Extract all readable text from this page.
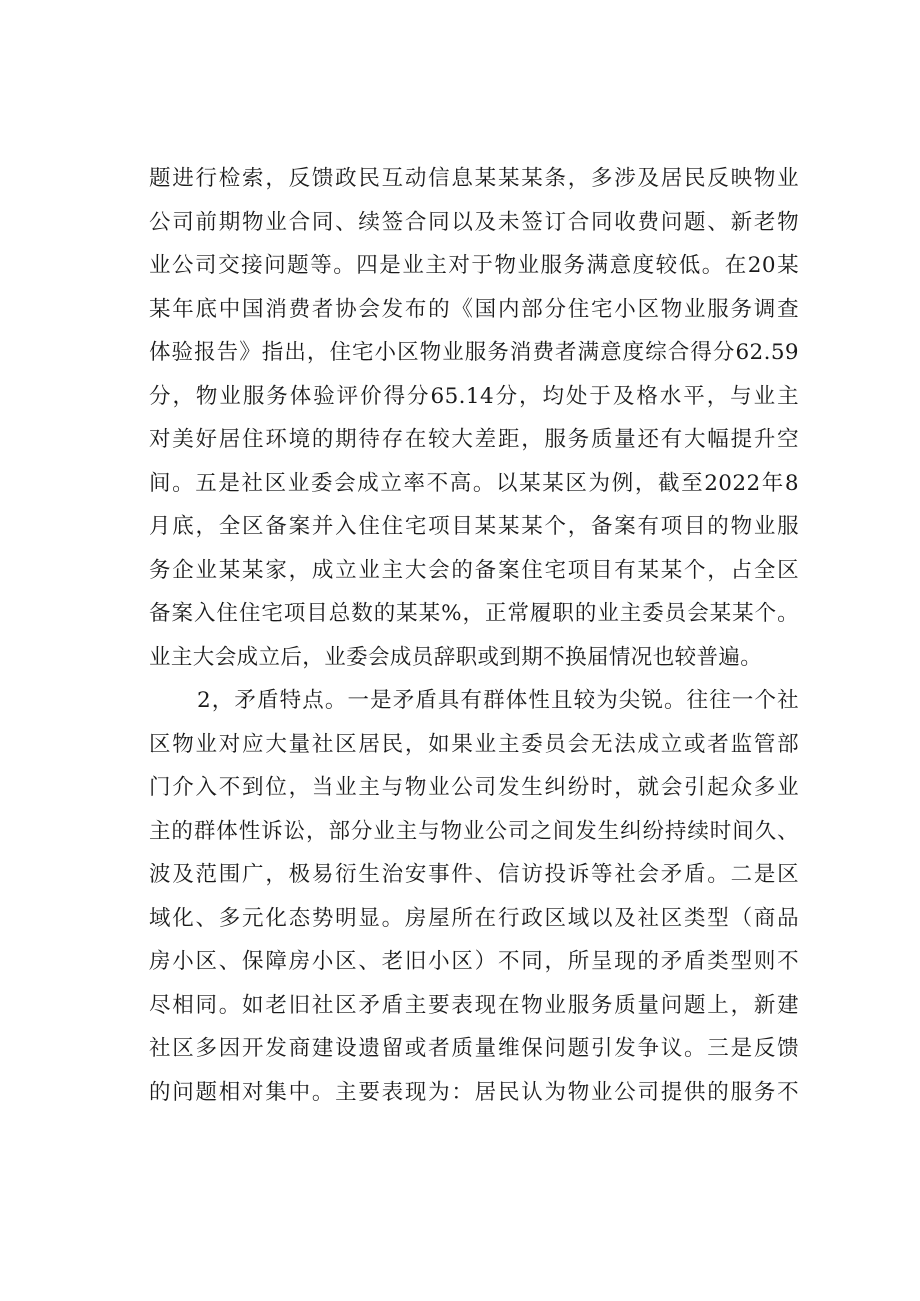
题进行检索，反馈政民互动信息某某某条，多涉及居民反映物业
公司前期物业合同、续签合同以及未签订合同收费问题、新老物
业公司交接问题等。四是业主对于物业服务满意度较低。在20某
某年底中国消费者协会发布的《国内部分住宅小区物业服务调查
体验报告》指出，住宅小区物业服务消费者满意度综合得分62.59
分，物业服务体验评价得分65.14分，均处于及格水平，与业主
对美好居住环境的期待存在较大差距，服务质量还有大幅提升空
间。五是社区业委会成立率不高。以某某区为例，截至2022年8
月底，全区备案并入住住宅项目某某某个，备案有项目的物业服
务企业某某家，成立业主大会的备案住宅项目有某某个，占全区
备案入住住宅项目总数的某某%，正常履职的业主委员会某某个。
业主大会成立后，业委会成员辞职或到期不换届情况也较普遍。
2，矛盾特点。一是矛盾具有群体性且较为尖锐。往往一个社
区物业对应大量社区居民，如果业主委员会无法成立或者监管部
门介入不到位，当业主与物业公司发生纠纷时，就会引起众多业
主的群体性诉讼，部分业主与物业公司之间发生纠纷持续时间久、
波及范围广，极易衍生治安事件、信访投诉等社会矛盾。二是区
域化、多元化态势明显。房屋所在行政区域以及社区类型（商品
房小区、保障房小区、老旧小区）不同，所呈现的矛盾类型则不
尽相同。如老旧社区矛盾主要表现在物业服务质量问题上，新建
社区多因开发商建设遗留或者质量维保问题引发争议。三是反馈
的问题相对集中。主要表现为：居民认为物业公司提供的服务不
